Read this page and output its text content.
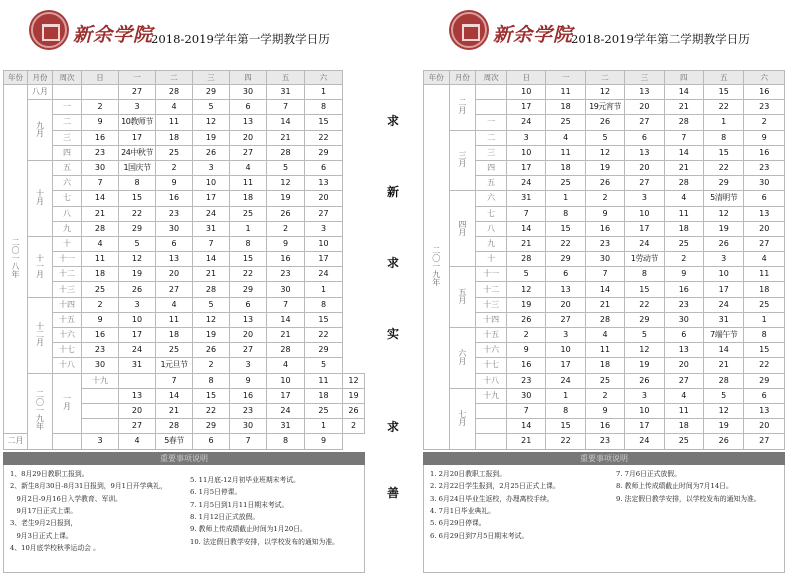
新余学院
2018-2019学年第一学期教学日历
年份	月份	周次	日	一	二	三	四	五	六	
二
〇
一
八
年	八月			27	28	29	30	31	1	
	九
月	一	2	3	4	5	6	7	8	
		二	9	10教师节	11	12	13	14	15	
		三	16	17	18	19	20	21	22	
		四	23	24中秋节	25	26	27	28	29	
	十
月	五	30	1国庆节	2	3	4	5	6	
		六	7	8	9	10	11	12	13	
		七	14	15	16	17	18	19	20	
		八	21	22	23	24	25	26	27	
		九	28	29	30	31	1	2	3	
	十
一
月	十	4	5	6	7	8	9	10	
		十一	11	12	13	14	15	16	17	
		十二	18	19	20	21	22	23	24	
		十三	25	26	27	28	29	30	1	
	十
二
月	十四	2	3	4	5	6	7	8	
		十五	9	10	11	12	13	14	15	
		十六	16	17	18	19	20	21	22	
		十七	23	24	25	26	27	28	29	
		十八	30	31	1元旦节	2	3	4	5	
	二
〇
一
九
年	一
月	十九		7	8	9	10	11	12
				13	14	15	16	17	18	19
				20	21	22	23	24	25	26
				27	28	29	30	31	1	2
二月			3	4	5春节	6	7	8	9	
重要事项说明
1、8月29日教职工报到。
2、新生8月30日-8月31日报到，9月1日开学典礼，
9月2日-9月16日入学教育、军训。
9月17日正式上课。
3、老生9月2日报到，
9月3日正式上课。
4、10月底学校秋季运动会 。
5. 11月底-12月初毕业班期末考试。
6. 1月5日停课。
7. 1月5日到1月11日期末考试。
8. 1月12日正式放假。
9. 教师上传成绩截止时间为1月20日。
10. 法定假日教学安排，以学校发布的通知为准。
新余学院
2018-2019学年第二学期教学日历
年份	月份	周次	日	一	二	三	四	五	六
二
〇
一
九
年	二
月		10	11	12	13	14	15	16
			17	18	19元宵节	20	21	22	23
		一	24	25	26	27	28	1	2
	三
月	二	3	4	5	6	7	8	9
		三	10	11	12	13	14	15	16
		四	17	18	19	20	21	22	23
		五	24	25	26	27	28	29	30
	四
月	六	31	1	2	3	4	5清明节	6
		七	7	8	9	10	11	12	13
		八	14	15	16	17	18	19	20
		九	21	22	23	24	25	26	27
		十	28	29	30	1劳动节	2	3	4
	五
月	十一	5	6	7	8	9	10	11
		十二	12	13	14	15	16	17	18
		十三	19	20	21	22	23	24	25
		十四	26	27	28	29	30	31	1
	六
月	十五	2	3	4	5	6	7端午节	8
		十六	9	10	11	12	13	14	15
		十七	16	17	18	19	20	21	22
		十八	23	24	25	26	27	28	29
	七
月	十九	30	1	2	3	4	5	6
			7	8	9	10	11	12	13
			14	15	16	17	18	19	20
			21	22	23	24	25	26	27
重要事项说明
1. 2月20日教职工报到。
2. 2月22日学生报到，2月25日正式上课。
3. 6月24日毕业生返校，办理离校手续。
4. 7月1日毕业典礼。
5. 6月29日停课。
6. 6月29日到7月5日期末考试。
7. 7月6日正式放假。
8. 教师上传成绩截止时间为7月14日。
9. 法定假日教学安排，以学校发布的通知为准。
求
新
求
实
求
善
